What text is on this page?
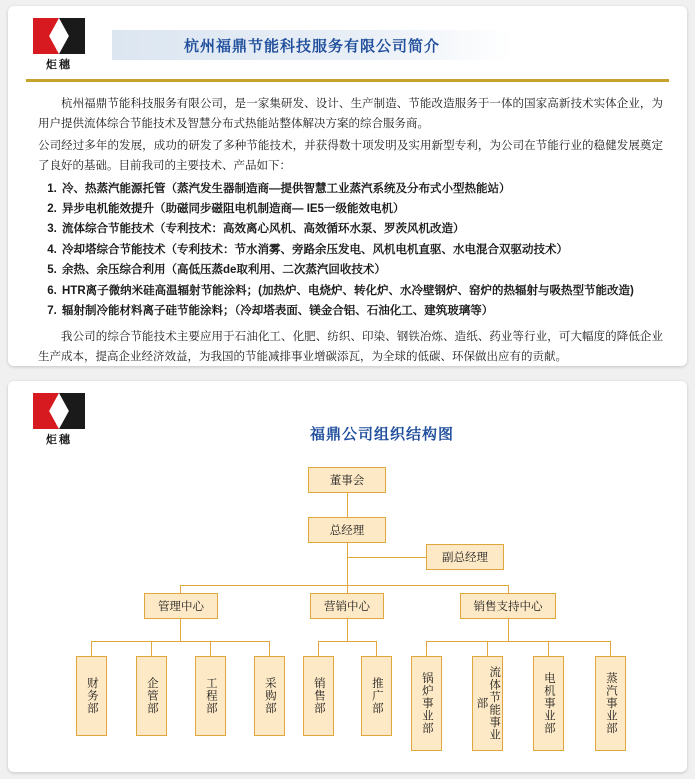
炬穗
杭州福鼎节能科技服务有限公司简介

杭州福鼎节能科技服务有限公司，是一家集研发、设计、生产制造、节能改造服务于一体的国家高新技术实体企业，为用户提供流体综合节能技术及智慧分布式热能站整体解决方案的综合服务商。

公司经过多年的发展，成功的研发了多种节能技术，并获得数十项发明及实用新型专利，为公司在节能行业的稳健发展奠定了良好的基础。目前我司的主要技术、产品如下：

1. 冷、热蒸汽能源托管（蒸汽发生器制造商—提供智慧工业蒸汽系统及分布式小型热能站）
2. 异步电机能效提升（助磁同步磁阻电机制造商— IE5一级能效电机）
3. 流体综合节能技术（专利技术：高效离心风机、高效循环水泵、罗茨风机改造）
4. 冷却塔综合节能技术（专利技术：节水消雾、旁路余压发电、风机电机直驱、水电混合双驱动技术）
5. 余热、余压综合利用（高低压蒸de取利用、二次蒸汽回收技术）
6. HTR离子微纳米硅高温辐射节能涂料；(加热炉、电烧炉、转化炉、水冷壁钢炉、窑炉的热辐射与吸热型节能改造)
7. 辐射制冷能材料离子硅节能涂料；（冷却塔表面、镁金合铝、石油化工、建筑玻璃等）

我公司的综合节能技术主要应用于石油化工、化肥、纺织、印染、钢铁冶炼、造纸、药业等行业，可大幅度的降低企业生产成本，提高企业经济效益，为我国的节能减排事业增碳添瓦，为全球的低碳、环保做出应有的贡献。

炬穗	福鼎公司组织结构图
董事会
总经理
副总经理
管理中心	营销中心	销售支持中心
财务部	企管部	工程部	采购部	销售部	推广部	锅炉事业部	流体节能事业部	电机事业部	蒸汽事业部
